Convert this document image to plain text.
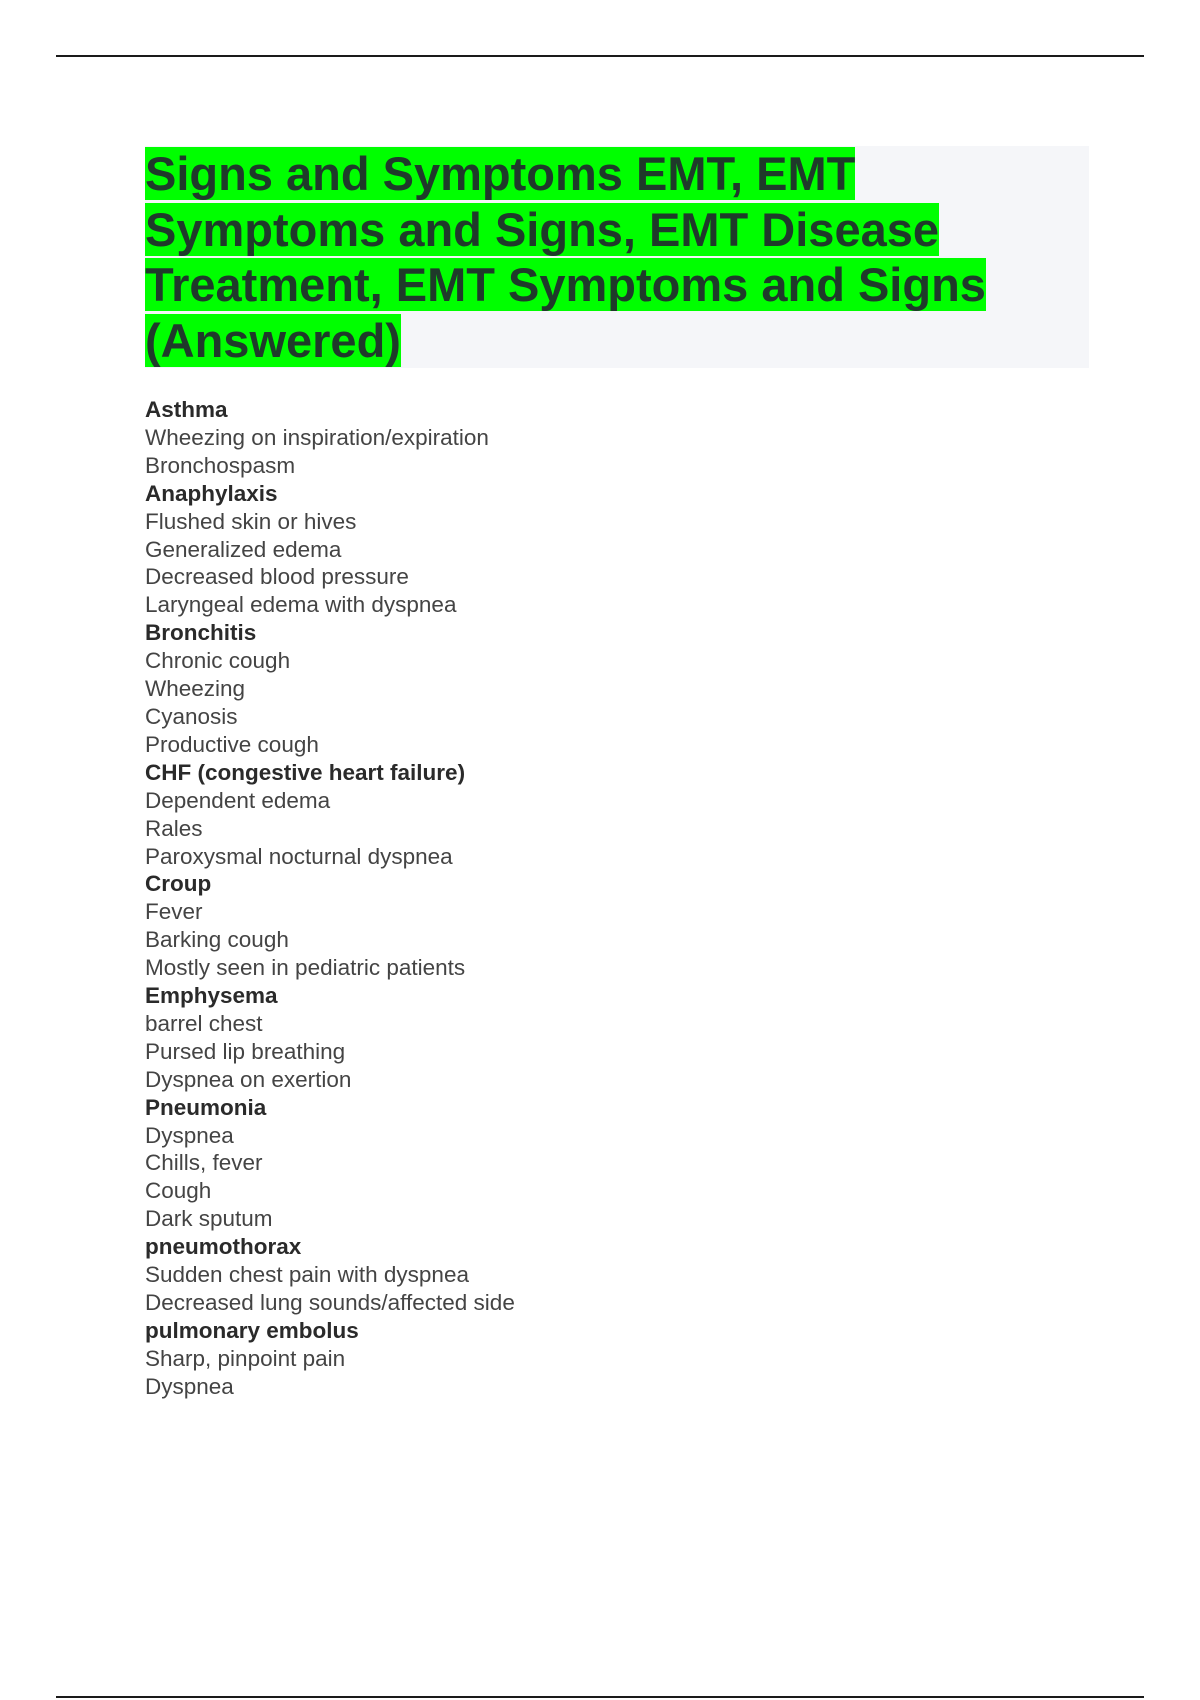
Signs and Symptoms EMT, EMT Symptoms and Signs, EMT Disease Treatment, EMT Symptoms and Signs (Answered)
Asthma
Wheezing on inspiration/expiration
Bronchospasm
Anaphylaxis
Flushed skin or hives
Generalized edema
Decreased blood pressure
Laryngeal edema with dyspnea
Bronchitis
Chronic cough
Wheezing
Cyanosis
Productive cough
CHF (congestive heart failure)
Dependent edema
Rales
Paroxysmal nocturnal dyspnea
Croup
Fever
Barking cough
Mostly seen in pediatric patients
Emphysema
barrel chest
Pursed lip breathing
Dyspnea on exertion
Pneumonia
Dyspnea
Chills, fever
Cough
Dark sputum
pneumothorax
Sudden chest pain with dyspnea
Decreased lung sounds/affected side
pulmonary embolus
Sharp, pinpoint pain
Dyspnea
